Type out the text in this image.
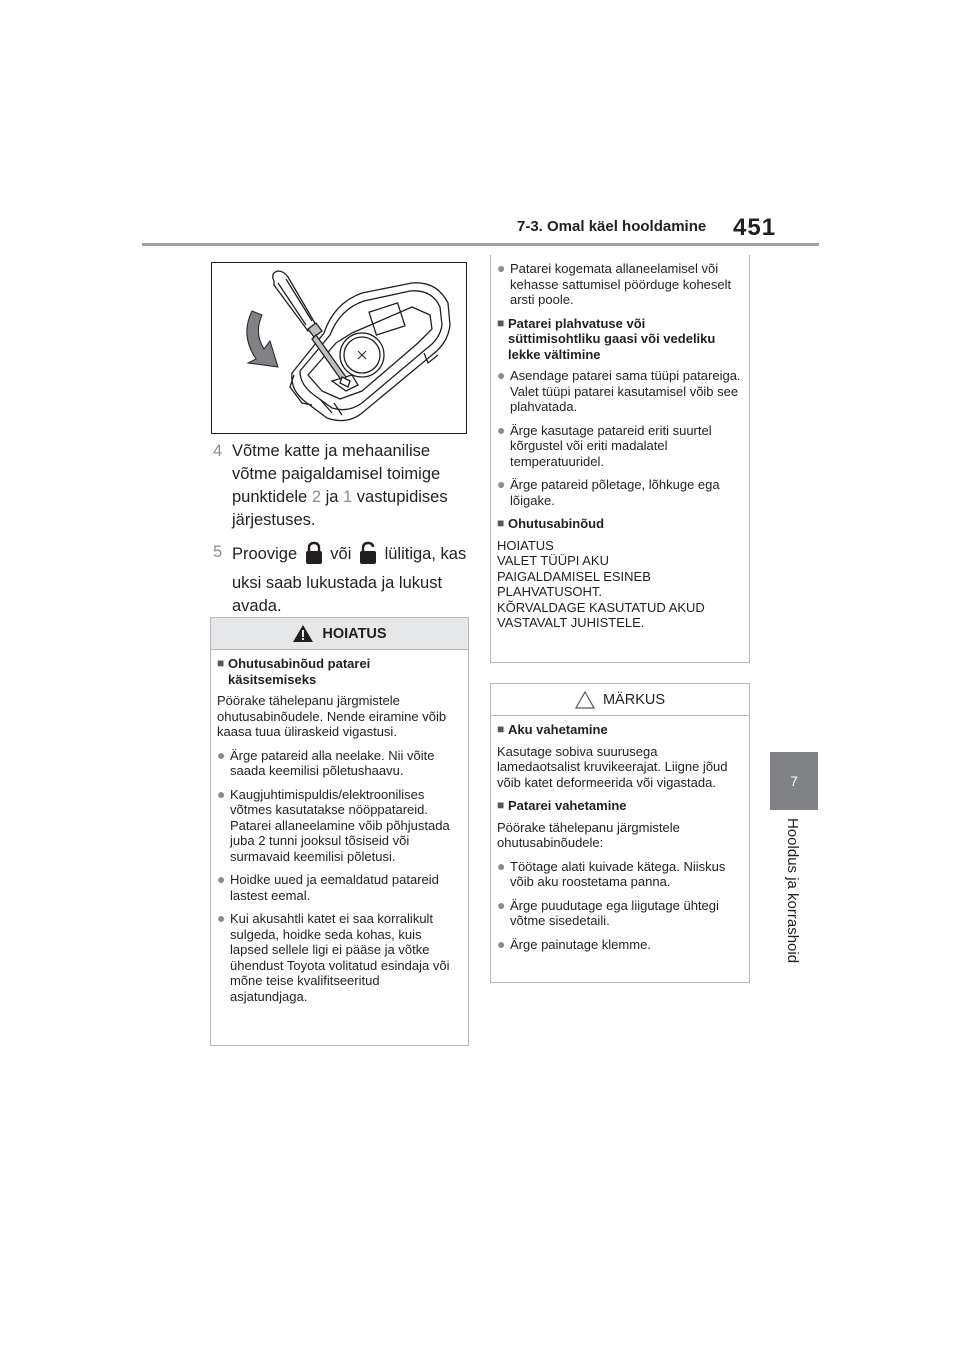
7-3. Omal käel hooldamine 451
7
Hooldus ja korrashoid
4 Võtme katte ja mehaanilise võtme paigaldamisel toimige punktidele 2 ja 1 vastupidises järjestuses.
5 Proovige  või  lülitiga, kas uksi saab lukustada ja lukust avada.
HOIATUS
■ Ohutusabinõud patarei käsitsemiseks

Pöörake tähelepanu järgmistele ohutusabinõudele. Nende eiramine võib kaasa tuua üliraskeid vigastusi.

● Ärge patareid alla neelake. Nii võite saada keemilisi põletushaavu.
● Kaugjuhtimispuldis/elektroonilises võtmes kasutatakse nööppatareid. Patarei allaneelamine võib põhjustada juba 2 tunni jooksul tõsiseid või surmavaid keemilisi põletusi.
● Hoidke uued ja eemaldatud patareid lastest eemal.
● Kui akusahtli katet ei saa korralikult sulgeda, hoidke seda kohas, kuis lapsed sellele ligi ei pääse ja võtke ühendust Toyota volitatud esindaja või mõne teise kvalifitseeritud asjatundjaga.
● Patarei kogemata allaneelamisel või kehasse sattumisel pöörduge koheselt arsti poole.
■ Patarei plahvatuse või süttimisohtliku gaasi või vedeliku lekke vältimine
● Asendage patarei sama tüüpi patareiga. Valet tüüpi patarei kasutamisel võib see plahvatada.
● Ärge kasutage patareid eriti suurtel kõrgustel või eriti madalatel temperatuuridel.
● Ärge patareid põletage, lõhkuge ega lõigake.
■ Ohutusabinõud

HOIATUS
VALET TÜÜPI AKU
PAIGALDAMISEL ESINEB
PLAHVATUSOHT.
KÕRVALDAGE KASUTATUD AKUD
VASTAVALT JUHISTELE.

MÄRKUS
■ Aku vahetamine

Kasutage sobiva suurusega lamedaotsalist kruvikeerajat. Liigne jõud võib katet deformeerida või vigastada.

■ Patarei vahetamine

Pöörake tähelepanu järgmistele ohutusabinõudele:

● Töötage alati kuivade kätega. Niiskus võib aku roostetama panna.
● Ärge puudutage ega liigutage ühtegi võtme sisedetaili.
● Ärge painutage klemme.
